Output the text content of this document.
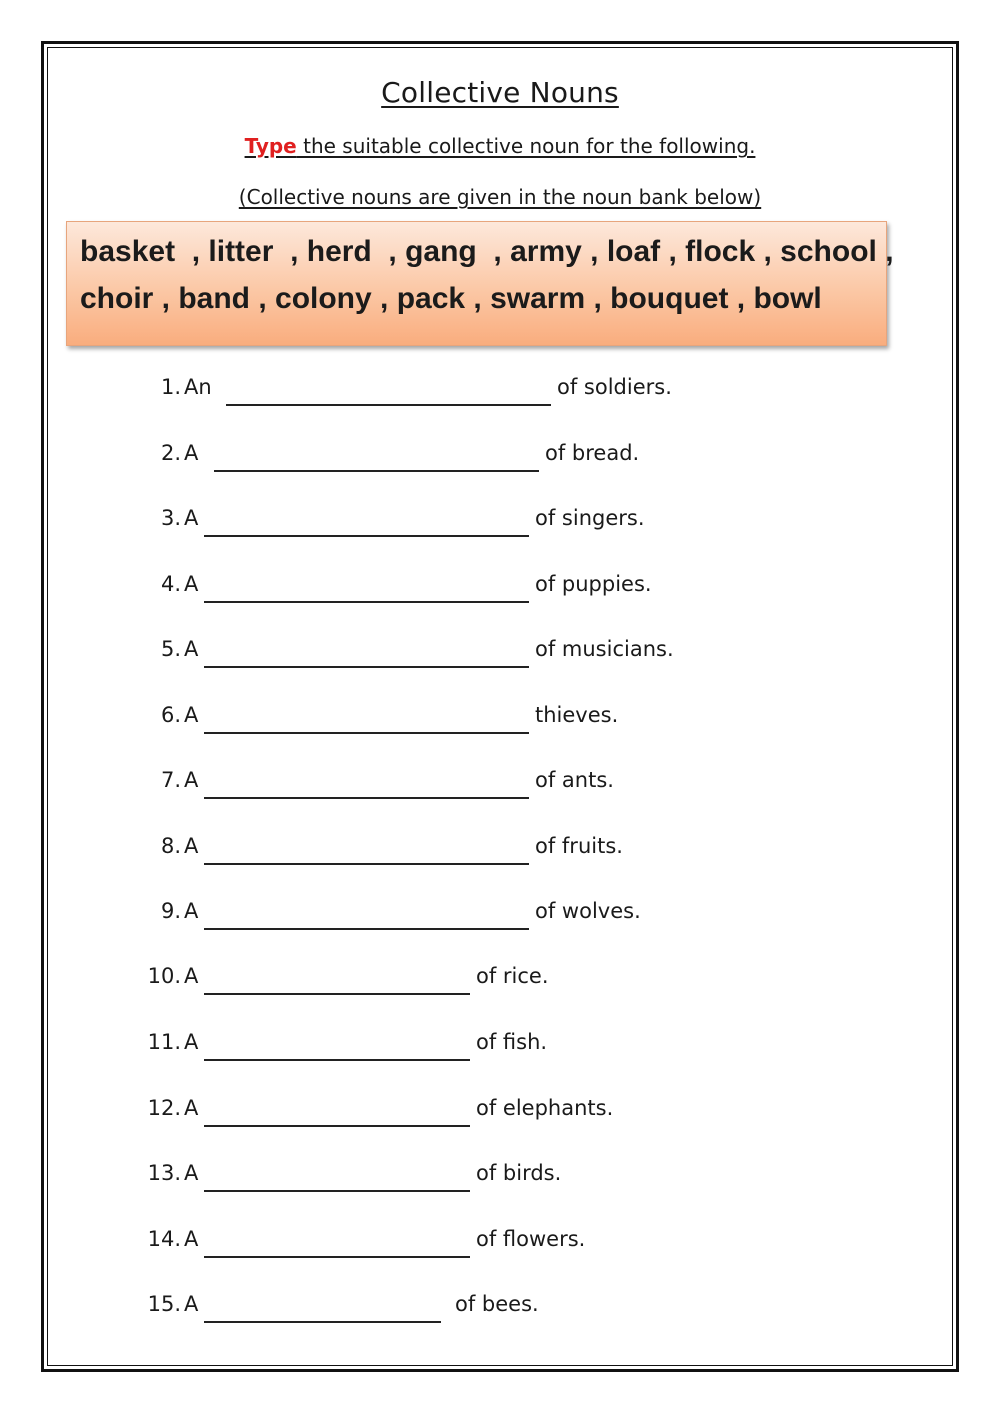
Collective Nouns
Type the suitable collective noun for the following.
(Collective nouns are given in the noun bank below)
basket  , litter  , herd  , gang  , army , loaf , flock , school ,
choir , band , colony , pack , swarm , bouquet , bowl
1. An	of soldiers.
2. A	of bread.
3. A	of singers.
4. A	of puppies.
5. A	of musicians.
6. A	thieves.
7. A	of ants.
8. A	of fruits.
9. A	of wolves.
10. A	of rice.
11. A	of fish.
12. A	of elephants.
13. A	of birds.
14. A	of flowers.
15. A	of bees.
